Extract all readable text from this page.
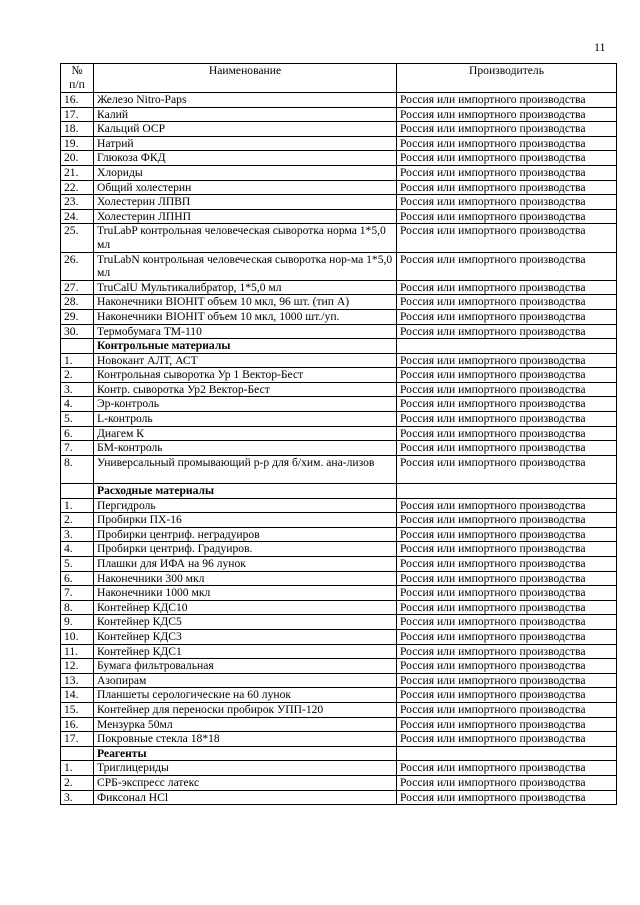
11
№
п/п	Наименование	Производитель
16.	Железо Nitro-Paps	Россия или импортного производства
17.	Калий	Россия или импортного производства
18.	Кальций ОСР	Россия или импортного производства
19.	Натрий	Россия или импортного производства
20.	Глюкоза ФКД	Россия или импортного производства
21.	Хлориды	Россия или импортного производства
22.	Общий холестерин	Россия или импортного производства
23.	Холестерин ЛПВП	Россия или импортного производства
24.	Холестерин ЛПНП	Россия или импортного производства
25.	TruLabP контрольная человеческая сыворотка норма 1*5,0 мл	Россия или импортного производства
26.	TruLabN контрольная человеческая сыворотка нор-ма 1*5,0 мл	Россия или импортного производства
27.	TruCalU Мультикалибратор, 1*5,0 мл	Россия или импортного производства
28.	Наконечники BIOHIT объем 10 мкл, 96 шт. (тип А)	Россия или импортного производства
29.	Наконечники BIOHIT объем 10 мкл, 1000 шт./уп.	Россия или импортного производства
30.	Термобумага ТМ-110	Россия или импортного производства
	Контрольные материалы	
1.	Новокант АЛТ, АСТ	Россия или импортного производства
2.	Контрольная сыворотка Ур 1 Вектор-Бест	Россия или импортного производства
3.	Контр. сыворотка Ур2 Вектор-Бест	Россия или импортного производства
4.	Эр-контроль	Россия или импортного производства
5.	L-контроль	Россия или импортного производства
6.	Диагем К	Россия или импортного производства
7.	БМ-контроль	Россия или импортного производства
8.	Универсальный промывающий р-р для б/хим. ана-лизов	Россия или импортного производства
	Расходные материалы	
1.	Пергидроль	Россия или импортного производства
2.	Пробирки ПХ-16	Россия или импортного производства
3.	Пробирки центриф. неградуиров	Россия или импортного производства
4.	Пробирки центриф. Градуиров.	Россия или импортного производства
5.	Плашки для ИФА на 96 лунок	Россия или импортного производства
6.	Наконечники 300 мкл	Россия или импортного производства
7.	Наконечники 1000 мкл	Россия или импортного производства
8.	Контейнер КДС10	Россия или импортного производства
9.	Контейнер КДС5	Россия или импортного производства
10.	Контейнер КДС3	Россия или импортного производства
11.	Контейнер КДС1	Россия или импортного производства
12.	Бумага фильтровальная	Россия или импортного производства
13.	Азопирам	Россия или импортного производства
14.	Планшеты серологические на 60 лунок	Россия или импортного производства
15.	Контейнер для переноски пробирок УПП-120	Россия или импортного производства
16.	Мензурка 50мл	Россия или импортного производства
17.	Покровные стекла 18*18	Россия или импортного производства
	Реагенты	
1.	Триглицериды	Россия или импортного производства
2.	СРБ-экспресс латекс	Россия или импортного производства
3.	Фиксонал HCl	Россия или импортного производства
